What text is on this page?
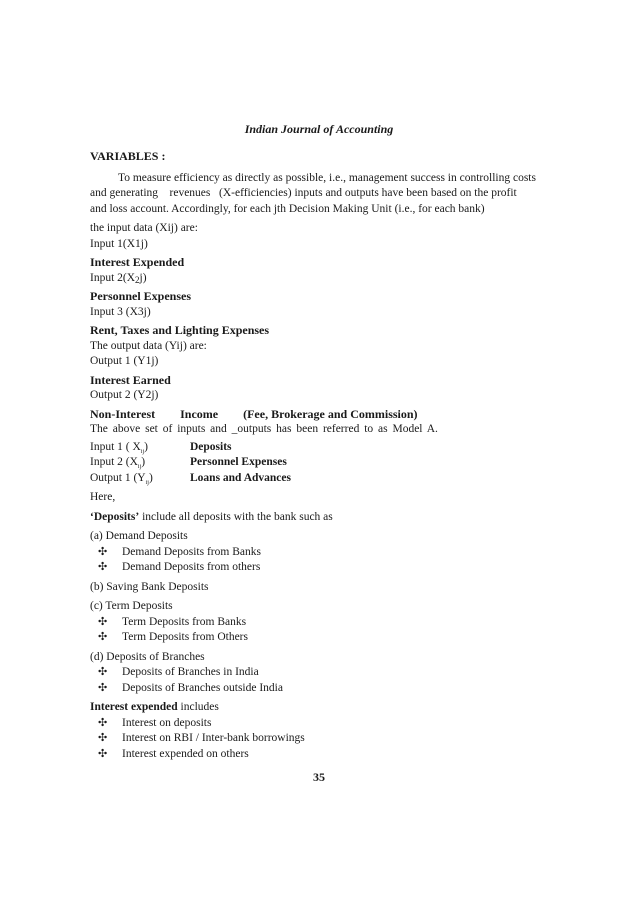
Indian Journal of Accounting
VARIABLES :
To measure efficiency as directly as possible, i.e., management success in controlling costs
and generating    revenues   (X-efficiencies) inputs and outputs have been based on the profit
and loss account. Accordingly, for each jth Decision Making Unit (i.e., for each bank)
the input data (Xij) are:
Input 1(X1j)
Interest Expended
Input $2(X_2j)$
Personnel Expenses
Input 3 (X3j)
Rent, Taxes and Lighting Expenses
The output data (Yij) are:
Output 1 (Y1j)
Interest Earned
Output 2 (Y2j)
Non-Interest Income (Fee, Brokerage and Commission)
The above set of inputs and _outputs has been referred to as Model A.
Input 1 ( $X_{ij}$)	Deposits
Input 2 $(X_{ij})$	Personnel Expenses
Output 1 $(Y_{ij})$	Loans and Advances
Here,
‘Deposits’ include all deposits with the bank such as
(a) Demand Deposits
✣	Demand Deposits from Banks
✣	Demand Deposits from others
(b) Saving Bank Deposits
(c) Term Deposits
✣	Term Deposits from Banks
✣	Term Deposits from Others
(d) Deposits of Branches
✣	Deposits of Branches in India
✣	Deposits of Branches outside India
Interest expended includes
✣	Interest on deposits
✣	Interest on RBI / Inter-bank borrowings
✣	Interest expended on others
35
